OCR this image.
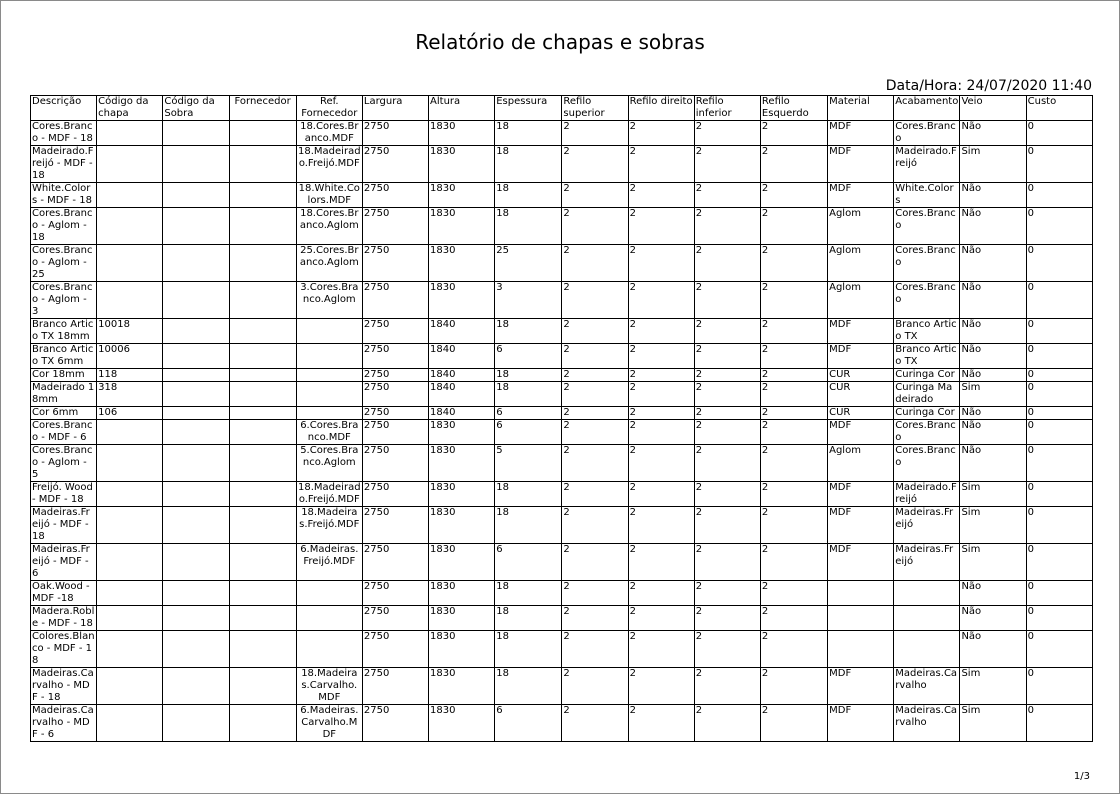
Relatório de chapas e sobras
Data/Hora: 24/07/2020 11:40
Descrição	Código da chapa	Código da Sobra	Fornecedor	Ref. Fornecedor	Largura	Altura	Espessura	Refilo superior	Refilo direito	Refilo inferior	Refilo Esquerdo	Material	Acabamento	Veio	Custo
Cores.Branco - MDF - 18				18.Cores.Branco.MDF	2750	1830	18	2	2	2	2	MDF	Cores.Branco	Não	0
Madeirado.Freijó - MDF - 18				18.Madeirado.Freijó.MDF	2750	1830	18	2	2	2	2	MDF	Madeirado.Freijó	Sim	0
White.Colors - MDF - 18				18.White.Colors.MDF	2750	1830	18	2	2	2	2	MDF	White.Colors	Não	0
Cores.Branco - Aglom - 18				18.Cores.Branco.Aglom	2750	1830	18	2	2	2	2	Aglom	Cores.Branco	Não	0
Cores.Branco - Aglom - 25				25.Cores.Branco.Aglom	2750	1830	25	2	2	2	2	Aglom	Cores.Branco	Não	0
Cores.Branco - Aglom - 3				3.Cores.Branco.Aglom	2750	1830	3	2	2	2	2	Aglom	Cores.Branco	Não	0
Branco Artico TX 18mm	10018				2750	1840	18	2	2	2	2	MDF	Branco Artico TX	Não	0
Branco Artico TX 6mm	10006				2750	1840	6	2	2	2	2	MDF	Branco Artico TX	Não	0
Cor 18mm	118				2750	1840	18	2	2	2	2	CUR	Curinga Cor	Não	0
Madeirado 18mm	318				2750	1840	18	2	2	2	2	CUR	Curinga Madeirado	Sim	0
Cor 6mm	106				2750	1840	6	2	2	2	2	CUR	Curinga Cor	Não	0
Cores.Branco - MDF - 6				6.Cores.Branco.MDF	2750	1830	6	2	2	2	2	MDF	Cores.Branco	Não	0
Cores.Branco - Aglom - 5				5.Cores.Branco.Aglom	2750	1830	5	2	2	2	2	Aglom	Cores.Branco	Não	0
Freijó. Wood - MDF - 18				18.Madeirado.Freijó.MDF	2750	1830	18	2	2	2	2	MDF	Madeirado.Freijó	Sim	0
Madeiras.Freijó - MDF - 18				18.Madeiras.Freijó.MDF	2750	1830	18	2	2	2	2	MDF	Madeiras.Freijó	Sim	0
Madeiras.Freijó - MDF - 6				6.Madeiras.Freijó.MDF	2750	1830	6	2	2	2	2	MDF	Madeiras.Freijó	Sim	0
Oak.Wood - MDF -18					2750	1830	18	2	2	2	2			Não	0
Madera.Roble - MDF - 18					2750	1830	18	2	2	2	2			Não	0
Colores.Blanco - MDF - 18					2750	1830	18	2	2	2	2			Não	0
Madeiras.Carvalho - MDF - 18				18.Madeiras.Carvalho.MDF	2750	1830	18	2	2	2	2	MDF	Madeiras.Carvalho	Sim	0
Madeiras.Carvalho - MDF - 6				6.Madeiras.Carvalho.MDF	2750	1830	6	2	2	2	2	MDF	Madeiras.Carvalho	Sim	0
1/3
